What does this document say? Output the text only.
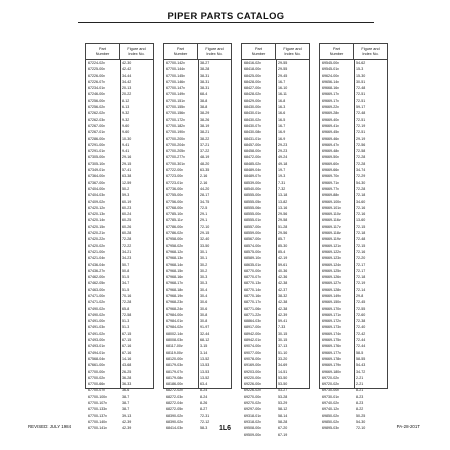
PIPER PARTS CATALOG
Part
Number
Figure and
Index No.
67224-02v	42-30
67225-00v	42-42
67226-00v	34-44
67226-07v	34-42
67234-01v	20-13
67246-00v	20-22
67256-00v	8-12
67256-02v	6-13
67262-02v	9-32
67262-03v	9-32
67267-00v	9-60
67267-01v	9-60
67286-00v	10-30
67291-00v	9-41
67291-01v	9-41
67305-00v	29-16
67305-10v	29-15
67349-01v	57-41
67364-00v	63-38
67367-00v	12-59
67404-00v	50-2
67404-03v	59-3
67409-02v	60-19
67420-12v	60-23
67420-13v	60-24
67420-14v	60-25
67420-15v	60-26
67420-21v	60-28
67420-22v	72-28
67420-02v	72-22
67421-00v	34-21
67421-04v	34-23
67436-04v	50-7
67436-27v	50-8
67462-00v	51-5
67462-05v	34-7
67463-00v	51-5
67471-00v	70-16
67471-02v	72-28
67490-02v	65-8
67490-02v	72-58
67491-00v	51-3
67491-03v	51-3
67491-02v	67-15
67493-00v	67-15
67493-01v	67-16
67494-01v	67-16
67568-04v	14-16
67661-00v	43-68
67700-00v	26-25
67700-02v	36-28
67700-66v	36-33
67700-07v	36-6
67700-100v	38-7
67700-107v	38-7
67700-133v	38-7
67700-137v	39-13
67700-140v	42-39
67700-141v	42-39
Part
Number
Figure and
Index No.
67700-142v	38-27
67700-144v	38-28
67700-145v	38-31
67700-146v	38-31
67700-147v	38-31
67700-149v	68-4
67700-151v	38-8
67700-155v	38-8
67700-156v	38-29
67700-172v	38-26
67700-182v	38-19
67700-190v	38-21
67700-200v	38-22
67700-204v	37-21
67700-205v	37-22
67700-277v	48-19
67700-301v	48-20
67722-00v	63-35
67723-00v	2-16
67723-01v	2-16
67736-00v	44-20
67755-00v	28-17
67756-00v	34-75
67768-00v	72-5
67785-10v	29-1
67785-11v	29-1
67786-00v	72-10
67786-02v	29-15
67958-00v	32-40
67958-02v	33-50
67968-12v	30-1
67968-13v	30-1
67968-14v	30-2
67968-15v	30-2
67968-16v	30-3
67968-17v	30-3
67968-18v	30-4
67968-19v	30-4
67968-23v	30-6
67968-24v	30-6
67984-00v	30-8
67984-01v	30-8
67984-02v	91-97
68002-14v	32-44
68008-03v	68-12
68117-00v	3-15
68119-00v	3-14
68120-00v	13-52
68179-03v	13-53
68179-07v	13-53
68179-08v	13-52
68186-00v	63-4
68272-02v	8-24
68272-03v	8-24
68272-04v	8-26
68272-05v	8-27
68390-02v	72-31
68390-02v	72-12
68414-03v	58-3
Part
Number
Figure and
Index No.
68416-02v	29-55
68418-00v	29-55
68425-00v	29-45
68428-00v	16-7
68427-00v	16-10
68428-02v	16-11
68429-00v	16-8
68430-00v	16-3
68430-01v	16-6
68430-02v	16-5
68430-07v	16-7
68430-08v	16-9
68431-01v	16-9
68457-00v	29-23
68458-00v	29-23
68472-00v	49-24
68485-02v	49-18
68489-04v	19-7
68489-07v	19-3
68539-00v	7-31
68540-00v	7-32
68555-00v	13-18
68555-05v	13-82
68555-06v	13-16
68555-00v	29-56
68555-01v	29-58
68557-00v	51-28
68559-00v	29-56
68567-00v	85-7
68574-00v	85-30
68575-00v	85-4
68589-10v	42-19
68635-01v	59-61
68770-00v	40-36
68770-07v	42-36
68770-13v	42-38
68770-14v	42-37
68770-16v	38-32
68770-17v	42-38
68771-06v	42-38
68771-22v	42-39
68864-03v	59-41
68917-00v	7-33
68942-00v	30-15
68942-01v	30-15
69074-00v	37-13
69077-00v	51-10
69078-00v	33-20
69169-00v	34-69
69203-00v	14-51
69220-00v	53-50
69226-00v	53-50
69226-02v	53-27
69270-00v	53-28
69270-02v	53-29
69297-00v	58-12
69318-01v	58-14
69318-02v	58-28
69508-00v	67-20
69509-00v	67-19
Part
Number
Figure and
Index No.
69545-00v	54-62
69545-01v	15-3
69624-00v	15-30
69656-14v	30-51
69668-16v	72-48
69669-17v	72-51
69669-17v	72-51
69669-22v	59-17
69669-28v	72-48
69669-40v	72-51
69669-41v	72-19
69669-45v	72-51
69669-46v	29-19
69669-47v	72-56
69669-48v	72-58
69669-50v	72-28
69669-60v	72-28
69669-66v	34-74
69669-70v	72-29
69669-71v	54-30
69669-77v	72-28
69669-88v	72-18
69669-100v	34-60
69669-101v	72-16
69669-110v	72-16
69669-116v	13-60
69669-117v	72-15
69669-118v	72-18
69669-119v	72-48
69669-121v	72-15
69669-122v	72-16
69669-123v	72-20
69669-124v	72-17
69669-125v	72-17
69669-126v	72-18
69669-127v	72-19
69669-128v	72-14
69669-149v	29-8
69669-150v	72-45
69669-170v	72-55
69669-171v	72-60
69669-172v	72-38
69669-173v	72-40
69669-174v	72-42
69669-175v	72-44
69669-176v	72-44
69669-177v	58-5
69669-178v	58-55
69669-179v	54-43
69669-180v	34-72
69720-02v	2-21
69720-02v	2-21
69730-00v	8-21
69730-01v	8-23
69740-02v	8-23
69740-12v	8-22
69850-02v	50-25
69850-02v	54-30
69895-03v	72-10
REVISED: JULY 1984	1L6	PA-28-201T
